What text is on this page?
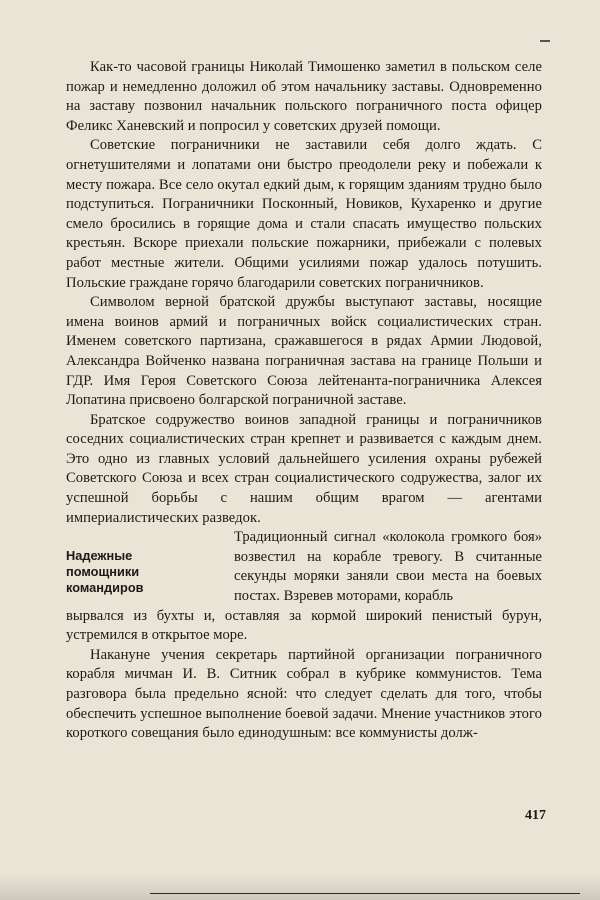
Как-то часовой границы Николай Тимошенко заметил в польском селе пожар и немедленно доложил об этом начальнику заставы. Одновременно на заставу позвонил начальник польского пограничного поста офицер Феликс Ханевский и попросил у советских друзей помощи.

Советские пограничники не заставили себя долго ждать. С огнетушителями и лопатами они быстро преодолели реку и побежали к месту пожара. Все село окутал едкий дым, к горящим зданиям трудно было подступиться. Пограничники Посконный, Новиков, Кухаренко и другие смело бросились в горящие дома и стали спасать имущество польских крестьян. Вскоре приехали польские пожарники, прибежали с полевых работ местные жители. Общими усилиями пожар удалось потушить. Польские граждане горячо благодарили советских пограничников.

Символом верной братской дружбы выступают заставы, носящие имена воинов армий и пограничных войск социалистических стран. Именем советского партизана, сражавшегося в рядах Армии Людовой, Александра Войченко названа пограничная застава на границе Польши и ГДР. Имя Героя Советского Союза лейтенанта-пограничника Алексея Лопатина присвоено болгарской пограничной заставе.

Братское содружество воинов западной границы и пограничников соседних социалистических стран крепнет и развивается с каждым днем. Это одно из главных условий дальнейшего усиления охраны рубежей Советского Союза и всех стран социалистического содружества, залог их успешной борьбы с нашим общим врагом — агентами империалистических разведок.

Надежные
помощники
командиров
Традиционный сигнал «колокола громкого боя» возвестил на корабле тревогу. В считанные секунды моряки заняли свои места на боевых постах. Взревев моторами, корабль

вырвался из бухты и, оставляя за кормой широкий пенистый бурун, устремился в открытое море.

Накануне учения секретарь партийной организации пограничного корабля мичман И. В. Ситник собрал в кубрике коммунистов. Тема разговора была предельно ясной: что следует сделать для того, чтобы обеспечить успешное выполнение боевой задачи. Мнение участников этого короткого совещания было единодушным: все коммунисты долж-

417
